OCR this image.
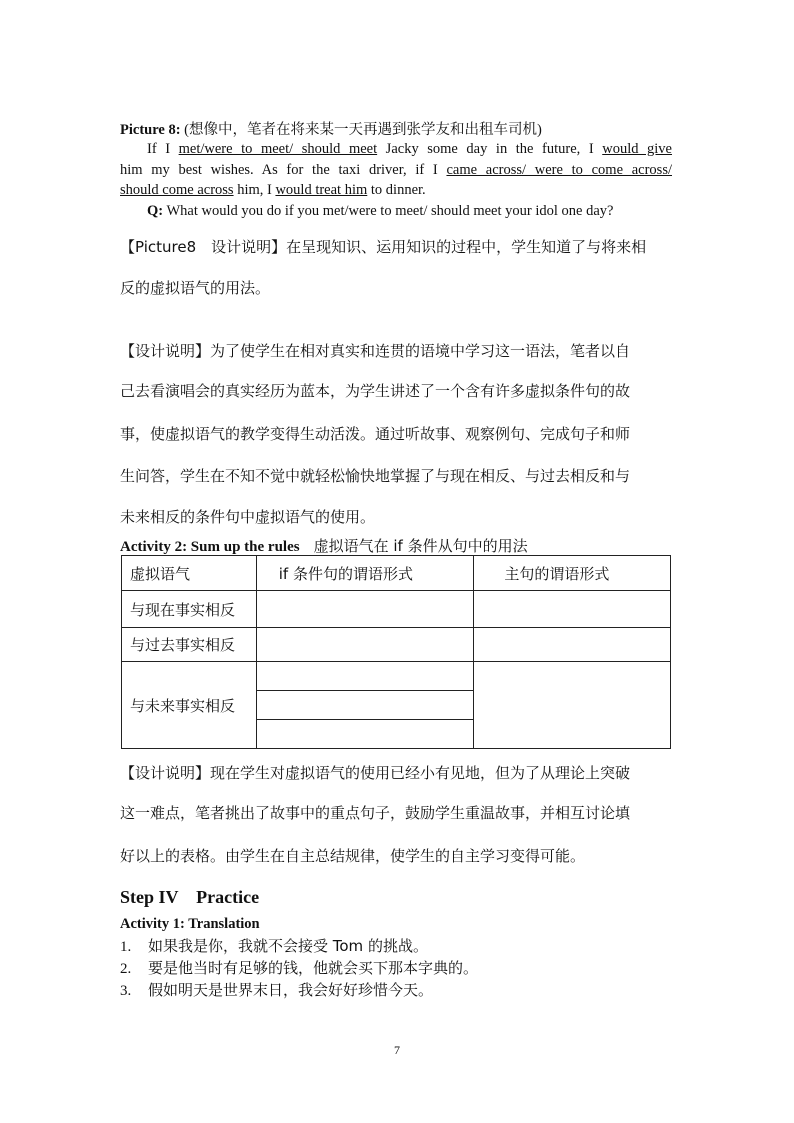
Picture 8: (想像中，笔者在将来某一天再遇到张学友和出租车司机)
If I met/were to meet/ should meet Jacky some day in the future, I would give
him my best wishes. As for the taxi driver, if I came across/ were to come across/
should come across him, I would treat him to dinner.
Q: What would you do if you met/were to meet/ should meet your idol one day?
【Picture8　设计说明】在呈现知识、运用知识的过程中，学生知道了与将来相
反的虚拟语气的用法。
【设计说明】为了使学生在相对真实和连贯的语境中学习这一语法，笔者以自
己去看演唱会的真实经历为蓝本，为学生讲述了一个含有许多虚拟条件句的故
事，使虚拟语气的教学变得生动活泼。通过听故事、观察例句、完成句子和师
生问答，学生在不知不觉中就轻松愉快地掌握了与现在相反、与过去相反和与
未来相反的条件句中虚拟语气的使用。
Activity 2: Sum up the rules 虚拟语气在 if 条件从句中的用法
虚拟语气	if 条件句的谓语形式	主句的谓语形式
与现在事实相反		
与过去事实相反		
与未来事实相反	

【设计说明】现在学生对虚拟语气的使用已经小有见地，但为了从理论上突破
这一难点，笔者挑出了故事中的重点句子，鼓励学生重温故事，并相互讨论填
好以上的表格。由学生在自主总结规律，使学生的自主学习变得可能。
Step IV　Practice
Activity 1: Translation
1. 如果我是你，我就不会接受 Tom 的挑战。
2. 要是他当时有足够的钱，他就会买下那本字典的。
3. 假如明天是世界末日，我会好好珍惜今天。
7
